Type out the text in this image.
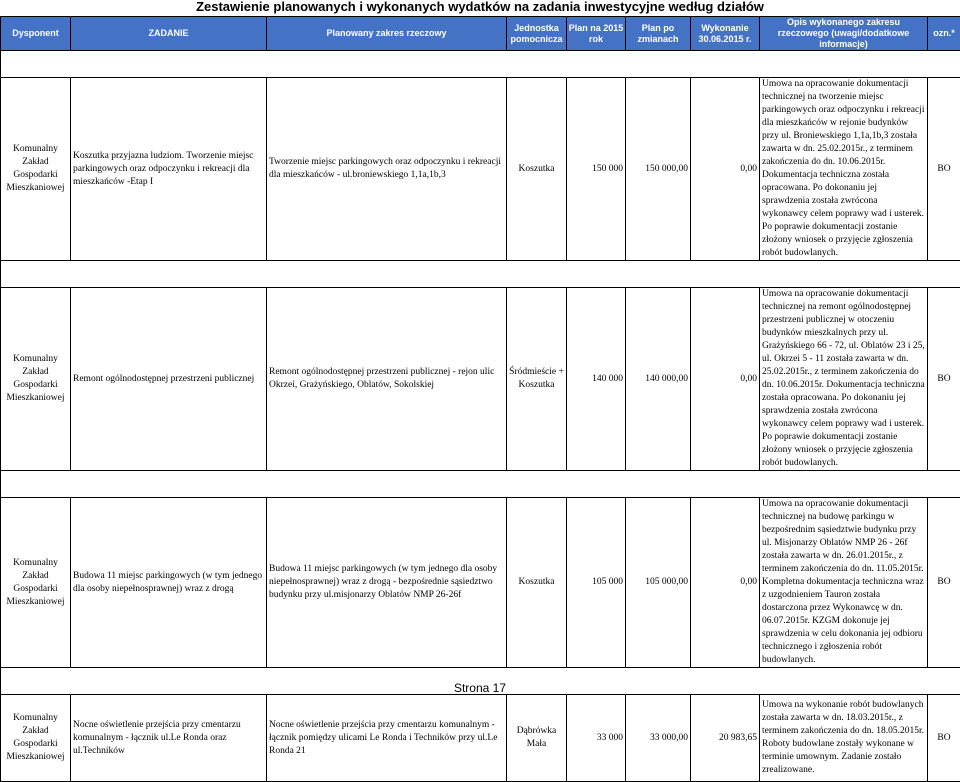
Zestawienie planowanych i wykonanych wydatków na zadania inwestycyjne według działów
Dysponent	ZADANIE	Planowany zakres rzeczowy	Jednostka pomocnicza	Plan na 2015 rok	Plan po zmianach	Wykonanie 30.06.2015 r.	Opis wykonanego zakresu rzeczowego (uwagi/dodatkowe informacje)	ozn.*

Komunalny Zakład Gospodarki Mieszkaniowej	Koszutka przyjazna ludziom. Tworzenie miejsc parkingowych oraz odpoczynku i rekreacji dla mieszkańców -Etap I	Tworzenie miejsc parkingowych oraz odpoczynku i rekreacji dla mieszkańców - ul.broniewskiego 1,1a,1b,3	Koszutka	150 000	150 000,00	0,00	Umowa na opracowanie dokumentacji technicznej na tworzenie miejsc parkingowych oraz odpoczynku i rekreacji dla mieszkańców w rejonie budynków przy ul. Broniewskiego 1,1a,1b,3 została zawarta w dn. 25.02.2015r., z terminem zakończenia do dn. 10.06.2015r. Dokumentacja techniczna została opracowana. Po dokonaniu jej sprawdzenia została zwrócona wykonawcy celem poprawy wad i usterek. Po poprawie dokumentacji zostanie złożony wniosek o przyjęcie zgłoszenia robót budowlanych.	BO

Komunalny Zakład Gospodarki Mieszkaniowej	Remont ogólnodostępnej przestrzeni publicznej	Remont ogólnodostępnej przestrzeni publicznej - rejon ulic Okrzei, Grażyńskiego, Oblatów, Sokolskiej	Śródmieście + Koszutka	140 000	140 000,00	0,00	Umowa na opracowanie dokumentacji technicznej na remont ogólnodostępnej przestrzeni publicznej w otoczeniu budynków mieszkalnych przy ul. Grażyńskiego 66 - 72, ul. Oblatów 23 i 25, ul. Okrzei 5 - 11 została zawarta w dn. 25.02.2015r., z terminem zakończenia do dn. 10.06.2015r. Dokumentacja techniczna została opracowana. Po dokonaniu jej sprawdzenia została zwrócona wykonawcy celem poprawy wad i usterek. Po poprawie dokumentacji zostanie złożony wniosek o przyjęcie zgłoszenia robót budowlanych.	BO

Komunalny Zakład Gospodarki Mieszkaniowej	Budowa 11 miejsc parkingowych (w tym jednego dla osoby niepełnosprawnej) wraz z drogą	Budowa 11 miejsc parkingowych (w tym jednego dla osoby niepełnosprawnej) wraz z drogą - bezpośrednie sąsiedztwo budynku przy ul.misjonarzy Oblatów NMP 26-26f	Koszutka	105 000	105 000,00	0,00	Umowa na opracowanie dokumentacji technicznej na budowę parkingu w bezpośrednim sąsiedztwie budynku przy ul. Misjonarzy Oblatów NMP 26 - 26f została zawarta w dn. 26.01.2015r., z terminem zakończenia do dn. 11.05.2015r. Kompletna dokumentacja techniczna wraz z uzgodnieniem Tauron została dostarczona przez Wykonawcę w dn. 06.07.2015r. KZGM dokonuje jej sprawdzenia w celu dokonania jej odbioru technicznego i zgłoszenia robót budowlanych.	BO

Komunalny Zakład Gospodarki Mieszkaniowej	Nocne oświetlenie przejścia przy cmentarzu komunalnym - łącznik ul.Le Ronda oraz ul.Techników	Nocne oświetlenie przejścia przy cmentarzu komunalnym - łącznik pomiędzy ulicami Le Ronda i Techników przy ul.Le Ronda 21	Dąbrówka Mała	33 000	33 000,00	20 983,65	Umowa na wykonanie robót budowlanych została zawarta w dn. 18.03.2015r., z terminem zakończenia do dn. 18.05.2015r. Roboty budowlane zostały wykonane w terminie umownym. Zadanie zostało zrealizowane.	BO
Strona 17
